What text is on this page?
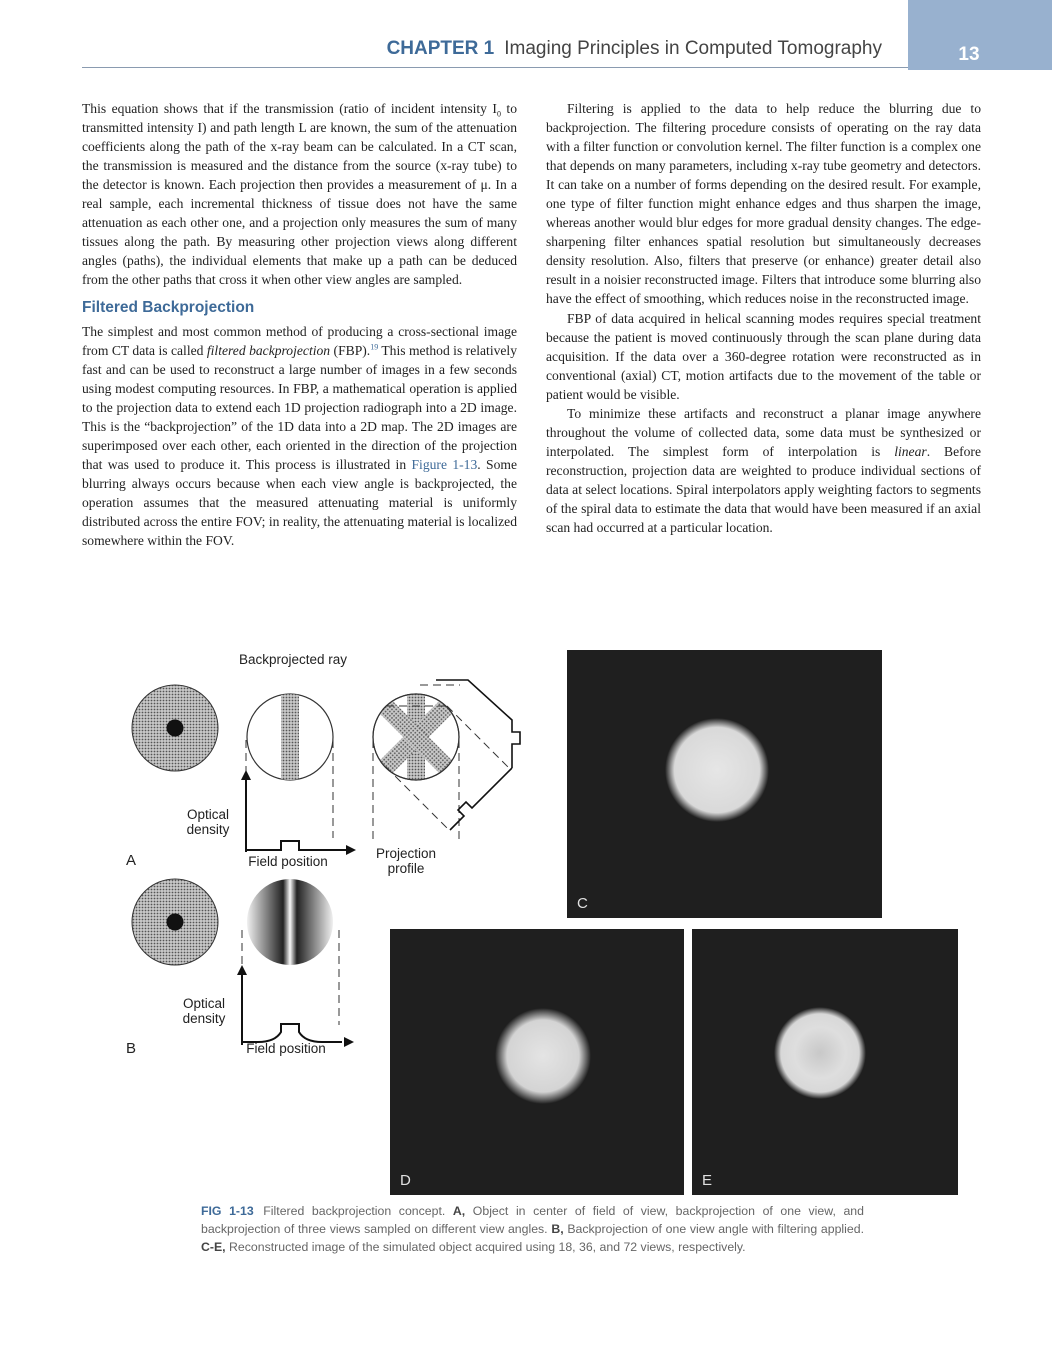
CHAPTER 1 Imaging Principles in Computed Tomography	13

This equation shows that if the transmission (ratio of incident intensity $I_0$ to transmitted intensity I) and path length L are known, the sum of the attenuation coefficients along the path of the x-ray beam can be calculated. In a CT scan, the transmission is measured and the distance from the source (x-ray tube) to the detector is known. Each projection then provides a measurement of μ. In a real sample, each incremental thickness of tissue does not have the same attenuation as each other one, and a projection only measures the sum of many tissues along the path. By measuring other projection views along different angles (paths), the individual elements that make up a path can be deduced from the other paths that cross it when other view angles are sampled.

Filtered Backprojection

The simplest and most common method of producing a cross-sectional image from CT data is called filtered backprojection (FBP).$^{19}$ This method is relatively fast and can be used to reconstruct a large number of images in a few seconds using modest computing resources. In FBP, a mathematical operation is applied to the projection data to extend each 1D projection radiograph into a 2D image. This is the “backprojection” of the 1D data into a 2D map. The 2D images are superimposed over each other, each oriented in the direction of the projection that was used to produce it. This process is illustrated in Figure 1-13. Some blurring always occurs because when each view angle is backprojected, the operation assumes that the measured attenuating material is uniformly distributed across the entire FOV; in reality, the attenuating material is localized somewhere within the FOV.

Filtering is applied to the data to help reduce the blurring due to backprojection. The filtering procedure consists of operating on the ray data with a filter function or convolution kernel. The filter function is a complex one that depends on many parameters, including x-ray tube geometry and detectors. It can take on a number of forms depending on the desired result. For example, one type of filter function might enhance edges and thus sharpen the image, whereas another would blur edges for more gradual density changes. The edge-sharpening filter enhances spatial resolution but simultaneously decreases density resolution. Also, filters that preserve (or enhance) greater detail also result in a noisier reconstructed image. Filters that introduce some blurring also have the effect of smoothing, which reduces noise in the reconstructed image.

FBP of data acquired in helical scanning modes requires special treatment because the patient is moved continuously through the scan plane during data acquisition. If the data over a 360-degree rotation were reconstructed as in conventional (axial) CT, motion artifacts due to the movement of the table or patient would be visible.

To minimize these artifacts and reconstruct a planar image anywhere throughout the volume of collected data, some data must be synthesized or interpolated. The simplest form of interpolation is linear. Before reconstruction, projection data are weighted to produce individual sections of data at select locations. Spiral interpolators apply weighting factors to segments of the spiral data to estimate the data that would have been measured if an axial scan had occurred at a particular location.

Backprojected ray
Optical density
Field position
Projection profile
Optical density
Field position
A
B
C
D	E
FIG 1-13 Filtered backprojection concept. A, Object in center of field of view, backprojection of one view, and backprojection of three views sampled on different view angles. B, Backprojection of one view angle with filtering applied. C-E, Reconstructed image of the simulated object acquired using 18, 36, and 72 views, respectively.
